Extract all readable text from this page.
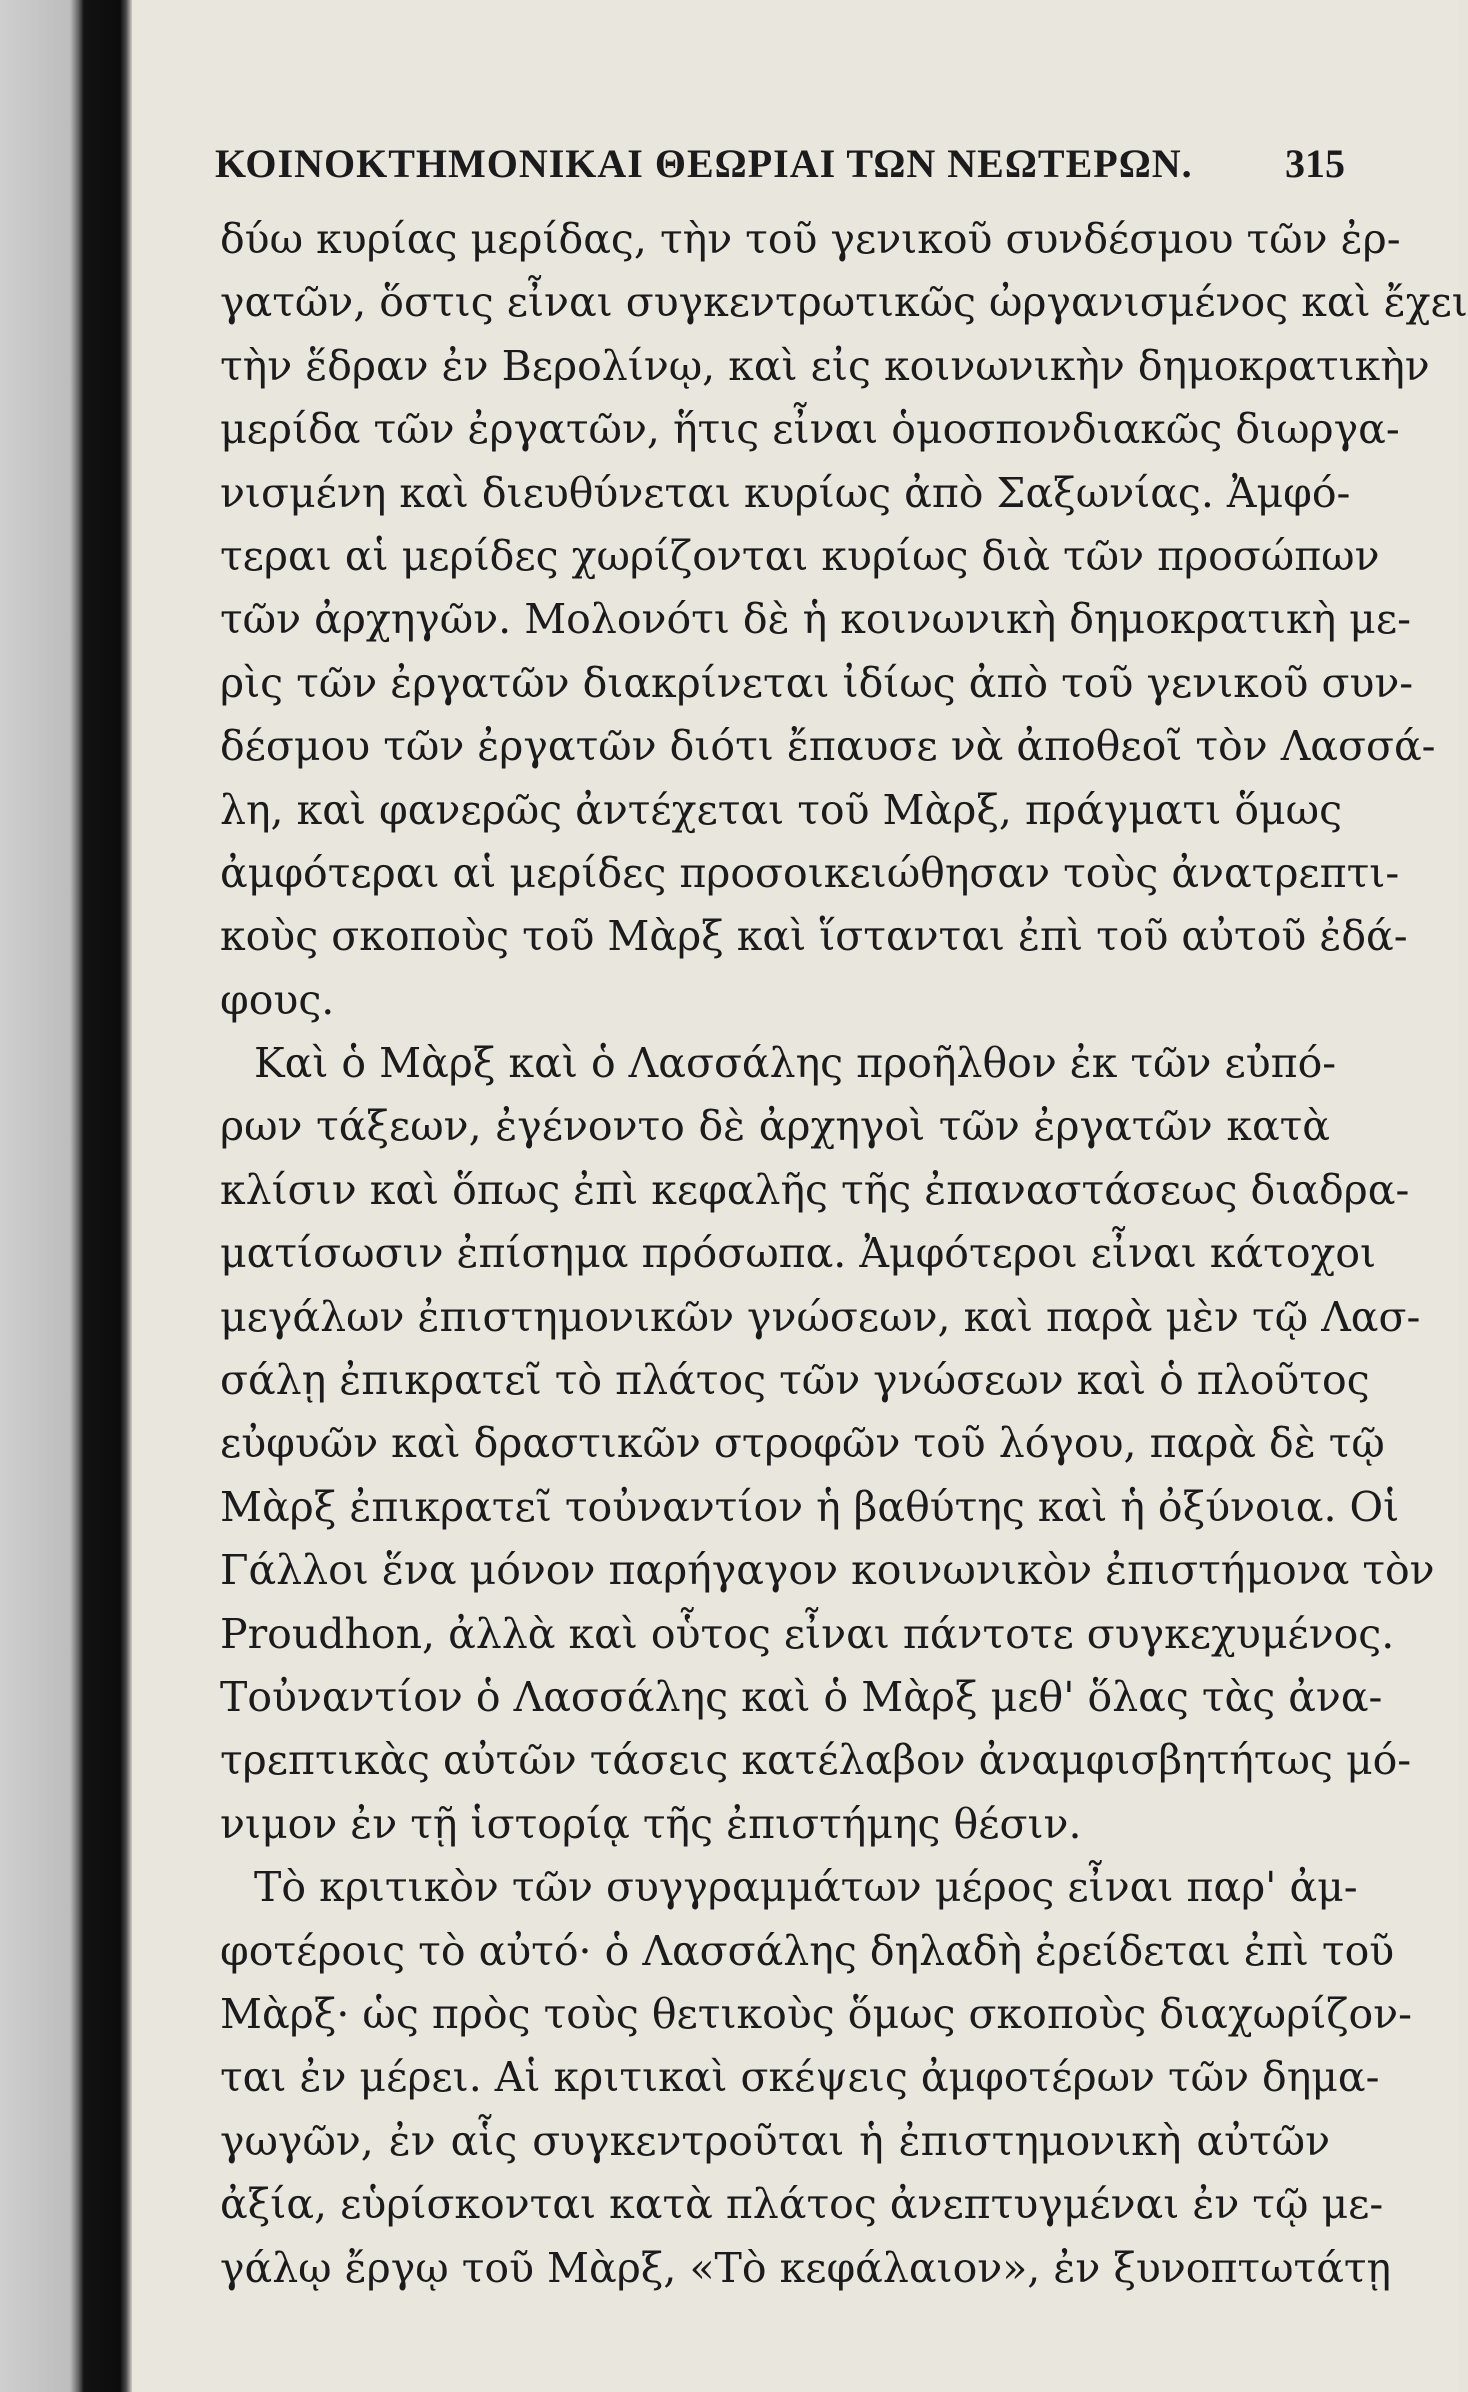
ΚΟΙΝΟΚΤΗΜΟΝΙΚΑΙ ΘΕΩΡΙΑΙ ΤΩΝ ΝΕΩΤΕΡΩΝ. 315
δύω κυρίας μερίδας, τὴν τοῦ γενικοῦ συνδέσμου τῶν ἐρ-
γατῶν, ὅστις εἶναι συγκεντρωτικῶς ὠργανισμένος καὶ ἔχει
τὴν ἕδραν ἐν Βερολίνῳ, καὶ εἰς κοινωνικὴν δημοκρατικὴν
μερίδα τῶν ἐργατῶν, ἥτις εἶναι ὁμοσπονδιακῶς διωργα-
νισμένη καὶ διευθύνεται κυρίως ἀπὸ Σαξωνίας. Ἀμφό-
τεραι αἱ μερίδες χωρίζονται κυρίως διὰ τῶν προσώπων
τῶν ἀρχηγῶν. Μολονότι δὲ ἡ κοινωνικὴ δημοκρατικὴ με-
ρὶς τῶν ἐργατῶν διακρίνεται ἰδίως ἀπὸ τοῦ γενικοῦ συν-
δέσμου τῶν ἐργατῶν διότι ἔπαυσε νὰ ἀποθεοῖ τὸν Λασσά-
λη, καὶ φανερῶς ἀντέχεται τοῦ Μὰρξ, πράγματι ὅμως
ἀμφότεραι αἱ μερίδες προσοικειώθησαν τοὺς ἀνατρεπτι-
κοὺς σκοποὺς τοῦ Μὰρξ καὶ ἵστανται ἐπὶ τοῦ αὐτοῦ ἐδά-
φους.
Καὶ ὁ Μὰρξ καὶ ὁ Λασσάλης προῆλθον ἐκ τῶν εὐπό-
ρων τάξεων, ἐγένοντο δὲ ἀρχηγοὶ τῶν ἐργατῶν κατὰ
κλίσιν καὶ ὅπως ἐπὶ κεφαλῆς τῆς ἐπαναστάσεως διαδρα-
ματίσωσιν ἐπίσημα πρόσωπα. Ἀμφότεροι εἶναι κάτοχοι
μεγάλων ἐπιστημονικῶν γνώσεων, καὶ παρὰ μὲν τῷ Λασ-
σάλῃ ἐπικρατεῖ τὸ πλάτος τῶν γνώσεων καὶ ὁ πλοῦτος
εὐφυῶν καὶ δραστικῶν στροφῶν τοῦ λόγου, παρὰ δὲ τῷ
Μὰρξ ἐπικρατεῖ τοὐναντίον ἡ βαθύτης καὶ ἡ ὀξύνοια. Οἱ
Γάλλοι ἕνα μόνον παρήγαγον κοινωνικὸν ἐπιστήμονα τὸν
Proudhon, ἀλλὰ καὶ οὗτος εἶναι πάντοτε συγκεχυμένος.
Τοὐναντίον ὁ Λασσάλης καὶ ὁ Μὰρξ μεθ' ὅλας τὰς ἀνα-
τρεπτικὰς αὐτῶν τάσεις κατέλαβον ἀναμφισβητήτως μό-
νιμον ἐν τῇ ἱστορίᾳ τῆς ἐπιστήμης θέσιν.
Τὸ κριτικὸν τῶν συγγραμμάτων μέρος εἶναι παρ' ἀμ-
φοτέροις τὸ αὐτό· ὁ Λασσάλης δηλαδὴ ἐρείδεται ἐπὶ τοῦ
Μὰρξ· ὡς πρὸς τοὺς θετικοὺς ὅμως σκοποὺς διαχωρίζον-
ται ἐν μέρει. Αἱ κριτικαὶ σκέψεις ἀμφοτέρων τῶν δημα-
γωγῶν, ἐν αἷς συγκεντροῦται ἡ ἐπιστημονικὴ αὐτῶν
ἀξία, εὑρίσκονται κατὰ πλάτος ἀνεπτυγμέναι ἐν τῷ με-
γάλῳ ἔργῳ τοῦ Μὰρξ, «Τὸ κεφάλαιον», ἐν ξυνοπτωτάτῃ
